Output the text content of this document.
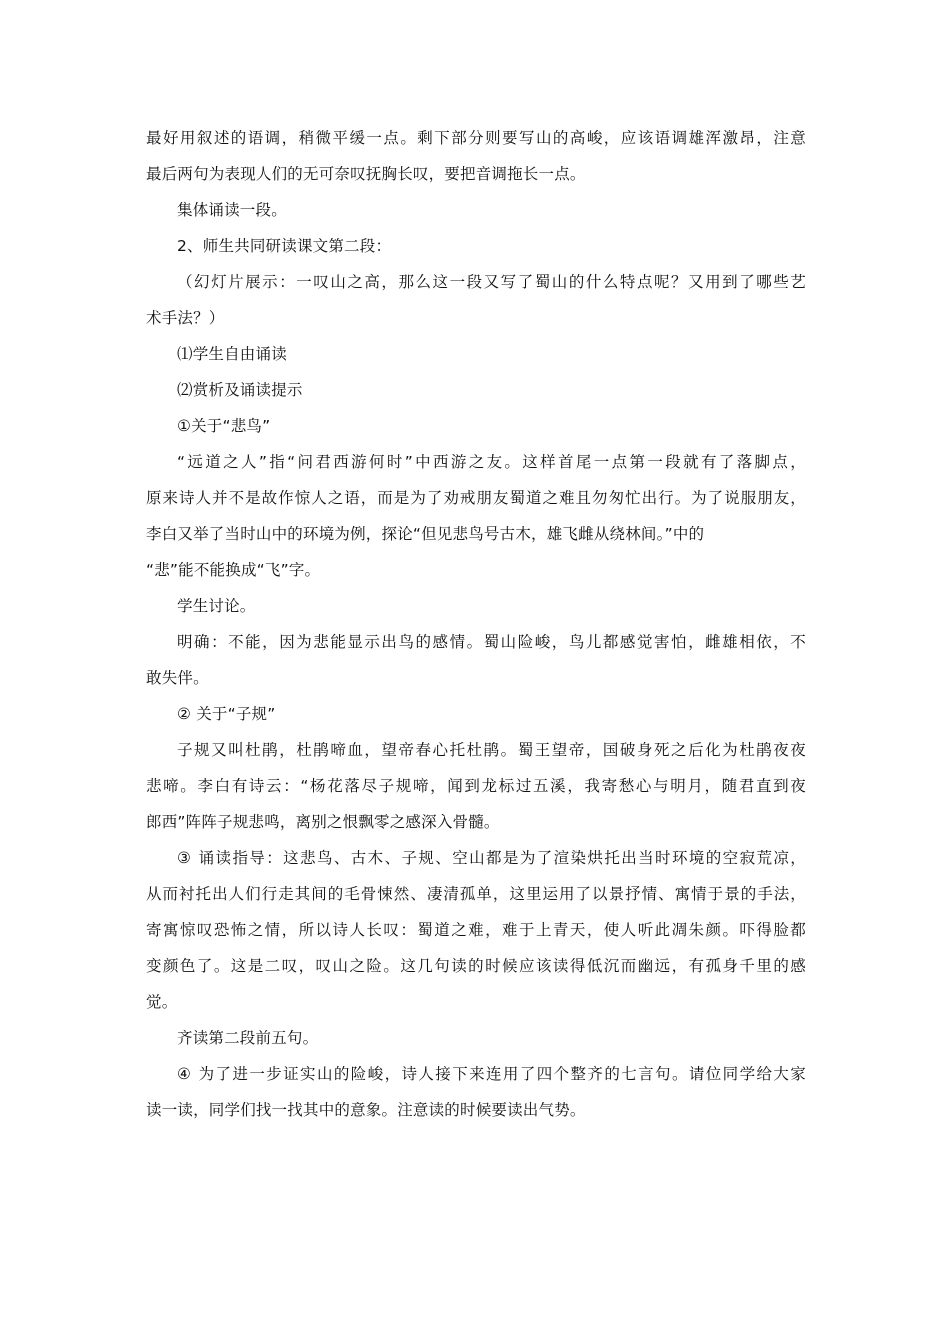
最好用叙述的语调，稍微平缓一点。剩下部分则要写山的高峻，应该语调雄浑激昂，注意
最后两句为表现人们的无可奈叹抚胸长叹，要把音调拖长一点。
集体诵读一段。
2、师生共同研读课文第二段：
（幻灯片展示：一叹山之高，那么这一段又写了蜀山的什么特点呢？又用到了哪些艺
术手法？）
⑴学生自由诵读
⑵赏析及诵读提示
①关于“悲鸟”
“远道之人”指“问君西游何时”中西游之友。这样首尾一点第一段就有了落脚点，
原来诗人并不是故作惊人之语，而是为了劝戒朋友蜀道之难且勿匆忙出行。为了说服朋友，
李白又举了当时山中的环境为例，探论“但见悲鸟号古木，雄飞雌从绕林间。”中的
“悲”能不能换成“飞”字。
学生讨论。
明确：不能，因为悲能显示出鸟的感情。蜀山险峻，鸟儿都感觉害怕，雌雄相依，不
敢失伴。
② 关于“子规”
子规又叫杜鹃，杜鹃啼血，望帝春心托杜鹃。蜀王望帝，国破身死之后化为杜鹃夜夜
悲啼。李白有诗云：“杨花落尽子规啼，闻到龙标过五溪，我寄愁心与明月，随君直到夜
郎西”阵阵子规悲鸣，离别之恨飘零之感深入骨髓。
③ 诵读指导：这悲鸟、古木、子规、空山都是为了渲染烘托出当时环境的空寂荒凉，
从而衬托出人们行走其间的毛骨悚然、凄清孤单，这里运用了以景抒情、寓情于景的手法，
寄寓惊叹恐怖之情，所以诗人长叹：蜀道之难，难于上青天，使人听此凋朱颜。吓得脸都
变颜色了。这是二叹，叹山之险。这几句读的时候应该读得低沉而幽远，有孤身千里的感
觉。
齐读第二段前五句。
④ 为了进一步证实山的险峻，诗人接下来连用了四个整齐的七言句。请位同学给大家
读一读，同学们找一找其中的意象。注意读的时候要读出气势。
